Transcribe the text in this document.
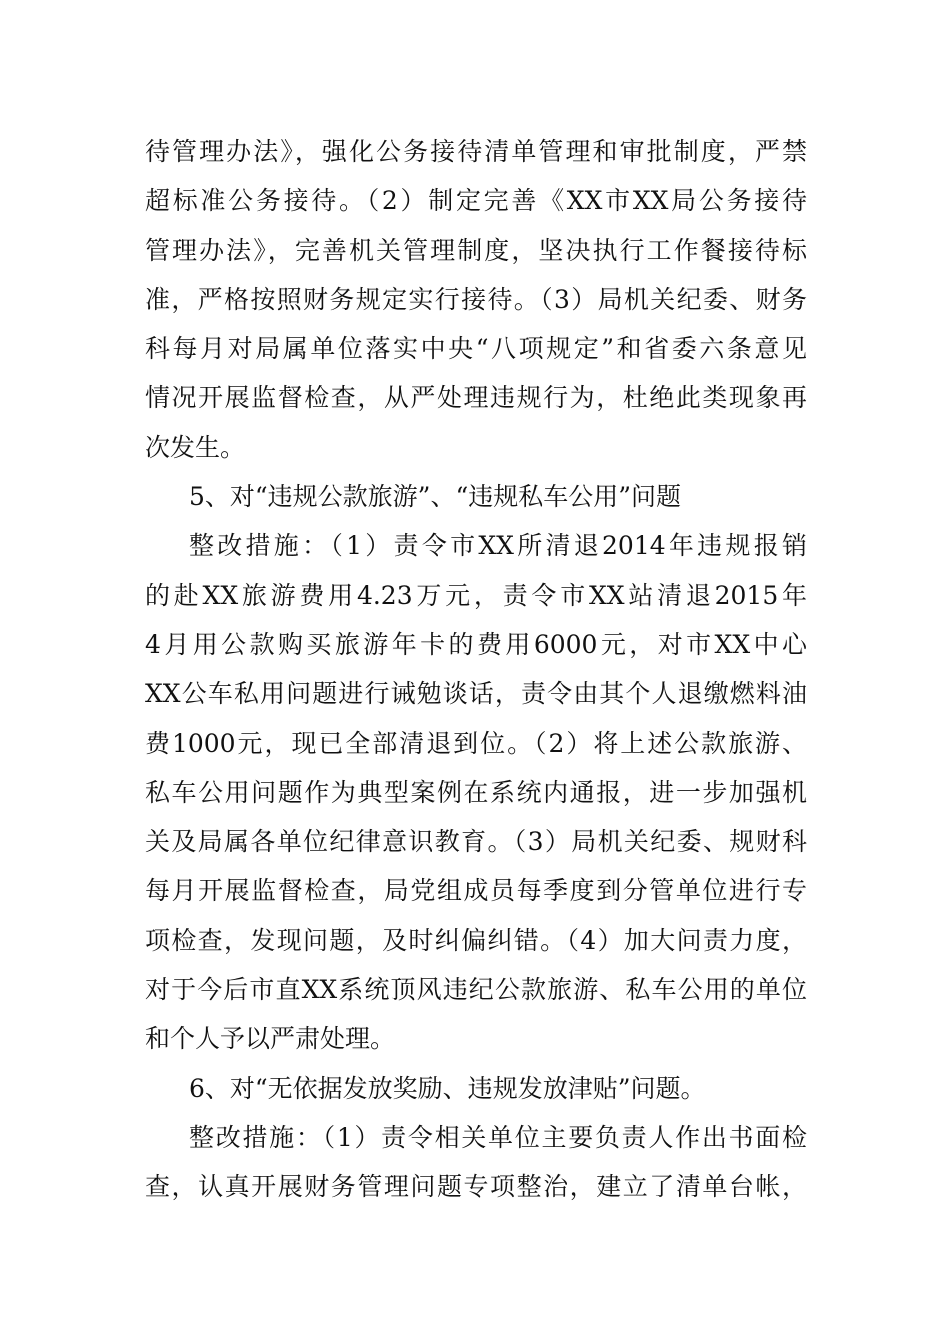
待管理办法》，强化公务接待清单管理和审批制度，严禁
超标准公务接待。（2）制定完善《XX市XX局公务接待
管理办法》，完善机关管理制度，坚决执行工作餐接待标
准，严格按照财务规定实行接待。（3）局机关纪委、财务
科每月对局属单位落实中央“八项规定”和省委六条意见
情况开展监督检查，从严处理违规行为，杜绝此类现象再
次发生。
5、对“违规公款旅游”、“违规私车公用”问题
整改措施：（1）责令市XX所清退2014年违规报销
的赴XX旅游费用4.23万元，责令市XX站清退2015年
4月用公款购买旅游年卡的费用6000元，对市XX中心
XX公车私用问题进行诫勉谈话，责令由其个人退缴燃料油
费1000元，现已全部清退到位。（2）将上述公款旅游、
私车公用问题作为典型案例在系统内通报，进一步加强机
关及局属各单位纪律意识教育。（3）局机关纪委、规财科
每月开展监督检查，局党组成员每季度到分管单位进行专
项检查，发现问题，及时纠偏纠错。（4）加大问责力度，
对于今后市直XX系统顶风违纪公款旅游、私车公用的单位
和个人予以严肃处理。
6、对“无依据发放奖励、违规发放津贴”问题。
整改措施：（1）责令相关单位主要负责人作出书面检
查，认真开展财务管理问题专项整治，建立了清单台帐，
